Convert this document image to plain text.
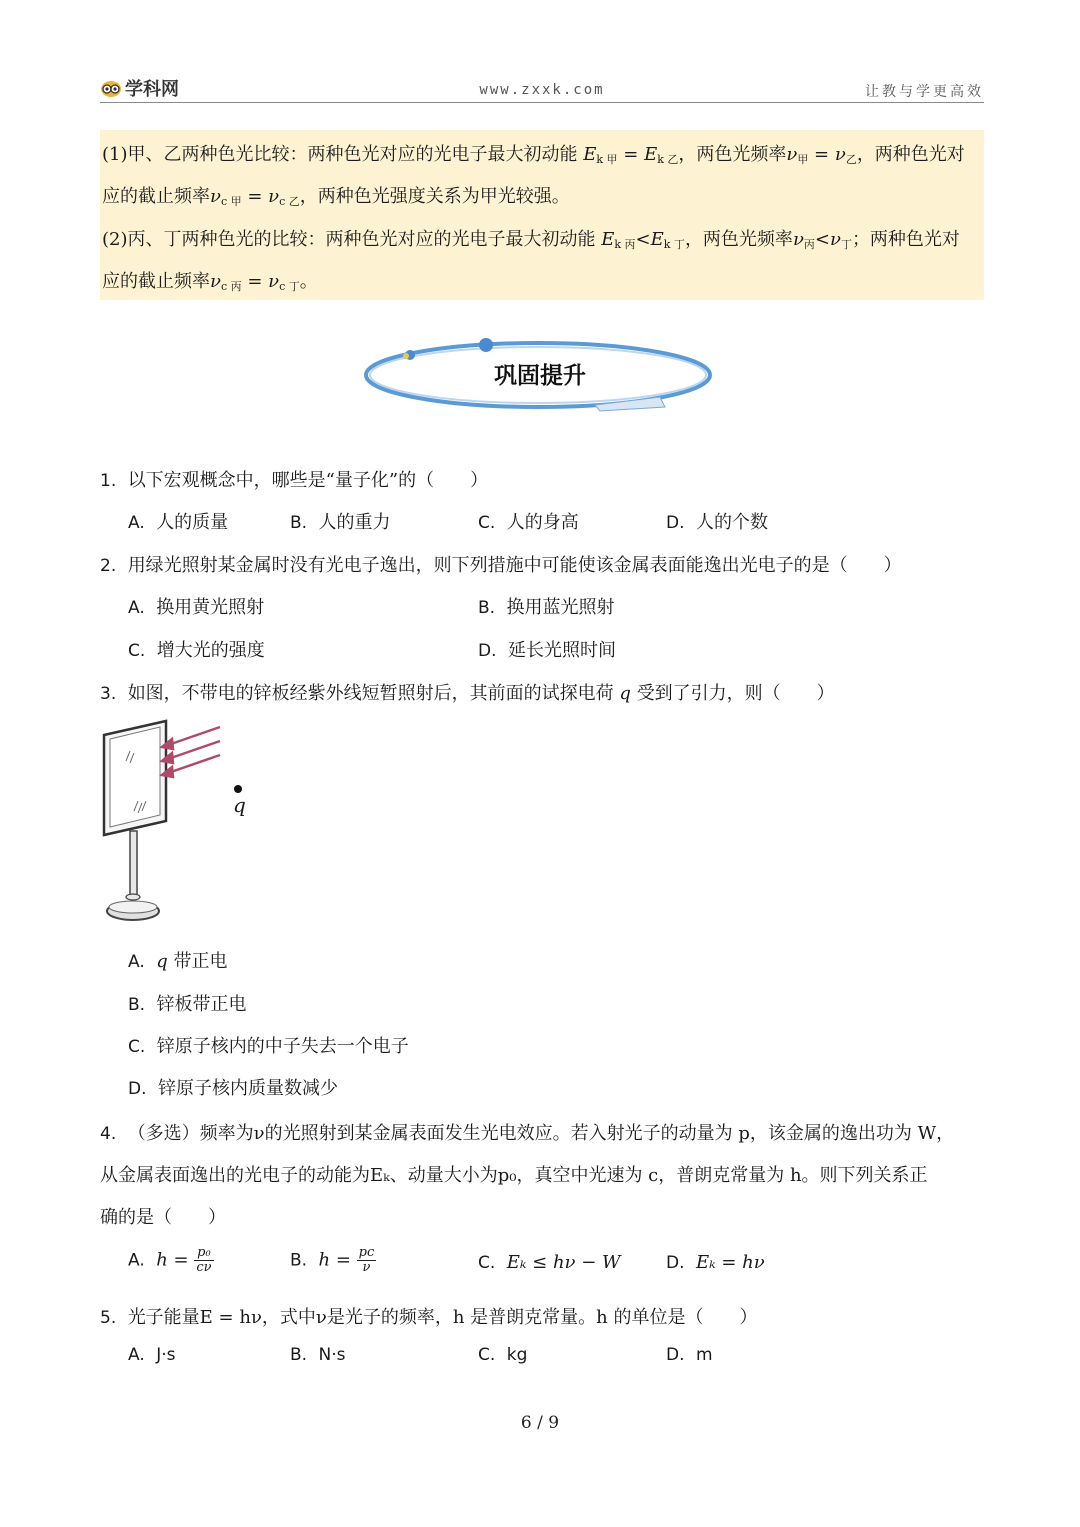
学科网	www.zxxk.com	让教与学更高效
(1)甲、乙两种色光比较：两种色光对应的光电子最大初动能 $E_{k 甲} = E_{k 乙}$，两色光频率$\nu_甲 = \nu_乙$，两种色光对
应的截止频率$\nu_{c 甲} = \nu_{c 乙}$，两种色光强度关系为甲光较强。
(2)丙、丁两种色光的比较：两种色光对应的光电子最大初动能 $E_{k 丙}<E_{k 丁}$，两色光频率$\nu_丙<\nu_丁$；两种色光对
应的截止频率$\nu_{c 丙} = \nu_{c 丁}$。
巩固提升
1. 以下宏观概念中，哪些是“量子化”的（　　）
A. 人的质量	B. 人的重力	C. 人的身高	D. 人的个数
2. 用绿光照射某金属时没有光电子逸出，则下列措施中可能使该金属表面能逸出光电子的是（　　）
A. 换用黄光照射	B. 换用蓝光照射
C. 增大光的强度	D. 延长光照时间
3. 如图，不带电的锌板经紫外线短暂照射后，其前面的试探电荷 q 受到了引力，则（　　）
q
A. q 带正电
B. 锌板带正电
C. 锌原子核内的中子失去一个电子
D. 锌原子核内质量数减少
4. （多选）频率为ν的光照射到某金属表面发生光电效应。若入射光子的动量为 p，该金属的逸出功为 W，
从金属表面逸出的光电子的动能为Eₖ、动量大小为p₀，真空中光速为 c，普朗克常量为 h。则下列关系正
确的是（　　）
A. $h = \frac{\text{p₀}}{c\nu}$	B. $h = \frac{pc}{\nu}$	C. Eₖ ≤ hν − W	D. Eₖ = hν
5. 光子能量E = hν，式中ν是光子的频率，h 是普朗克常量。h 的单位是（　　）
A. J·s	B. N·s	C. kg	D. m
6 / 9
